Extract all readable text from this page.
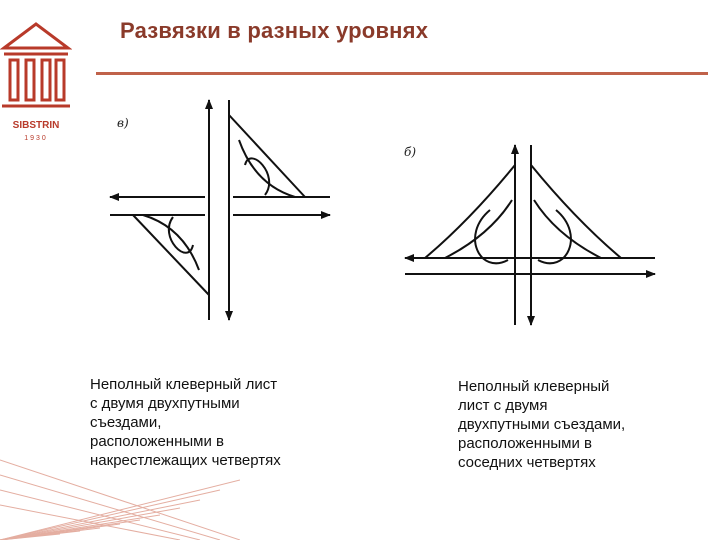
SIBSTRIN
1930
Развязки в разных уровнях
в)
б)
Неполный клеверный лист
с двумя двухпутными
съездами,
расположенными в
накрестлежащих четвертях
Неполный клеверный
лист с двумя
двухпутными съездами,
расположенными в
соседних четвертях
